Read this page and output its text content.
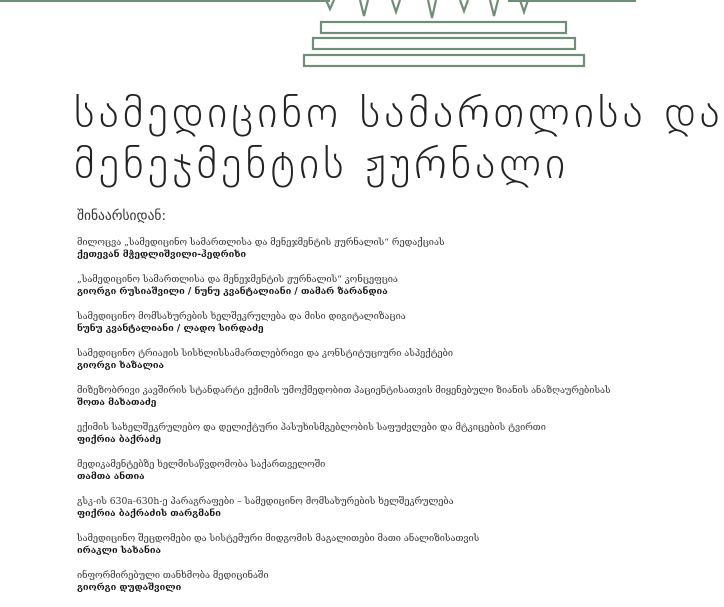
სამედიცინო სამართლისა და
მენეჯმენტის ჟურნალი
შინაარსიდან:
მილოცვა „სამედიცინო სამართლისა და მენეჯმენტის ჟურნალის“ რედაქციას
ქეთევან მჭედლიშვილი-ჰედრიხი
„სამედიცინო სამართლისა და მენეჯმენტის ჟურნალის“ კონცეფცია
გიორგი რუსიაშვილი / ნუნუ კვანტალიანი / თამარ ზარანდია
სამედიცინო მომსახურების ხელშეკრულება და მისი დიგიტალიზაცია
ნუნუ კვანტალიანი / ლადო სირდაძე
სამედიცინო ტრიაჟის სისხლისსამართლებრივი და კონსტიტუციური ასპექტები
გიორგი ხაზალია
მიზეზობრივი კავშირის სტანდარტი ექიმის უმოქმედობით პაციენტისათვის მიყენებული ზიანის ანაზღაურებისას
შოთა მახათაძე
ექიმის სახელშეკრულებო და დელიქტური პასუხისმგებლობის საფუძვლები და მტკიცების ტვირთი
ფიქრია ბაქრაძე
მედიკამენტებზე ხელმისაწვდომობა საქართველოში
თამთა ანთია
გსკ-ის 630a-630h-ე პარაგრაფები – სამედიცინო მომსახურების ხელშეკრულება
ფიქრია ბაქრაძის თარგმანი
სამედიცინო შეცდომები და სისტემური მიდგომის მაგალითები მათი ანალიზისათვის
ირაკლი სახანია
ინფორმირებული თანხმობა მედიცინაში
გიორგი დუდაშვილი
